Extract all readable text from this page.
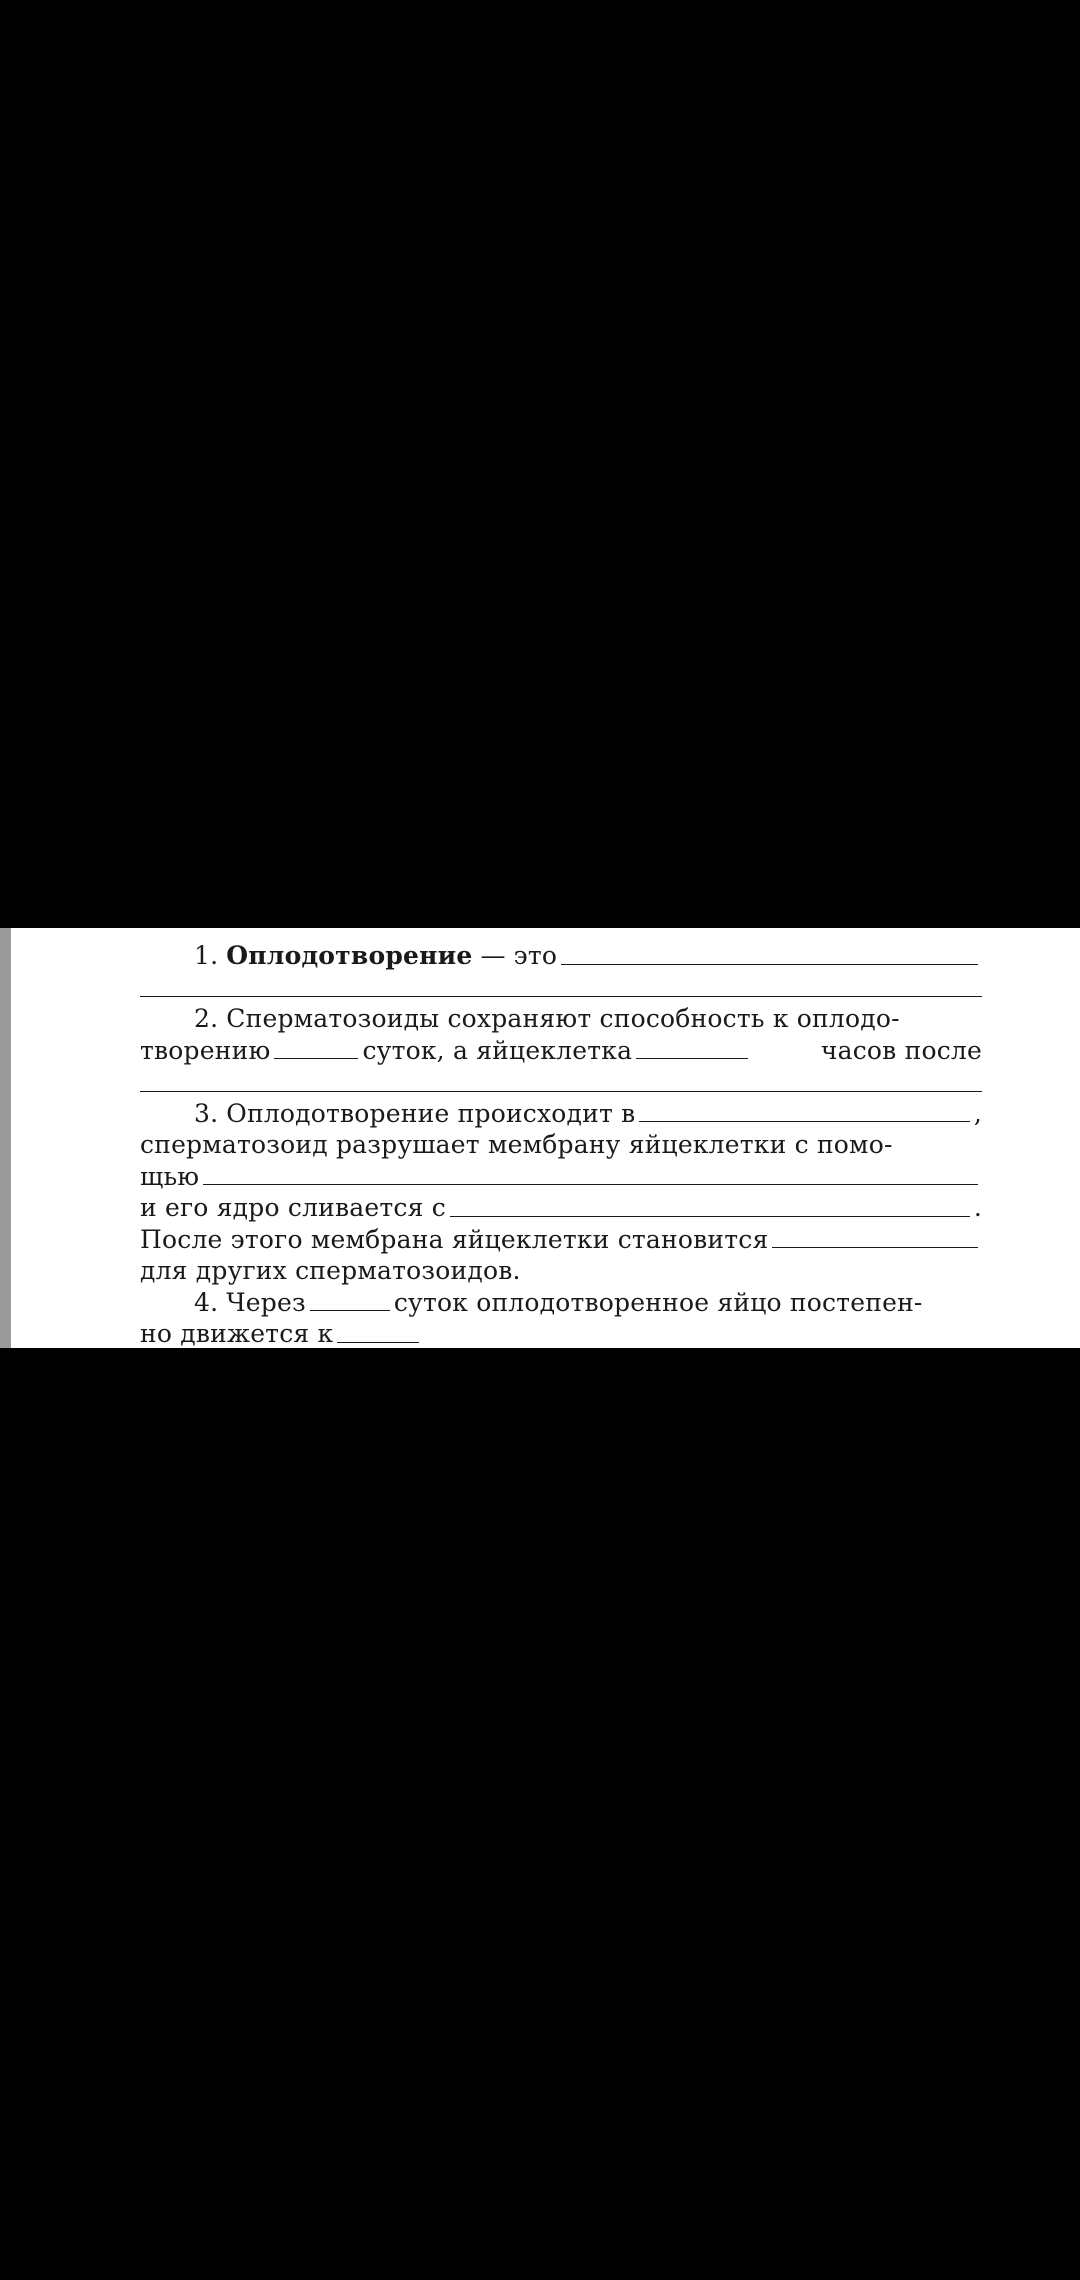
1. Оплодотворение — это
2. Сперматозоиды сохраняют способность к оплодо-
творению	суток, а яйцеклетка	часов после
3. Оплодотворение происходит в	,
сперматозоид разрушает мембрану яйцеклетки с помо-
щью
и его ядро сливается с	.
После этого мембрана яйцеклетки становится
для других сперматозоидов.
4. Через	суток оплодотворенное яйцо постепен-
но движется к
